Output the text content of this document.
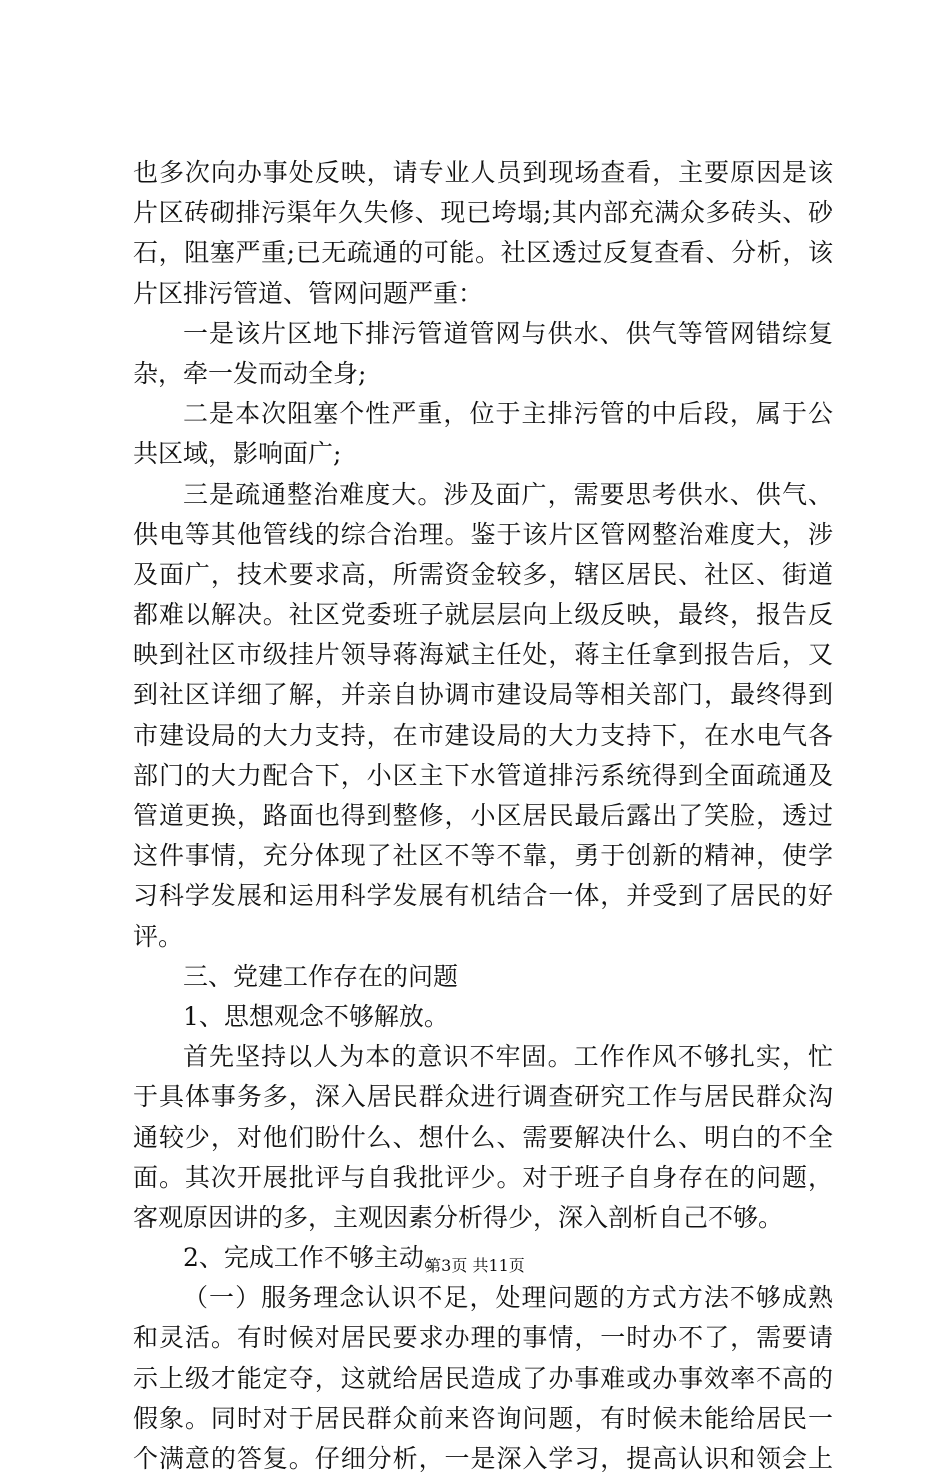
也多次向办事处反映，请专业人员到现场查看，主要原因是该
片区砖砌排污渠年久失修、现已垮塌;其内部充满众多砖头、砂
石，阻塞严重;已无疏通的可能。社区透过反复查看、分析，该
片区排污管道、管网问题严重：
一是该片区地下排污管道管网与供水、供气等管网错综复
杂，牵一发而动全身;
二是本次阻塞个性严重，位于主排污管的中后段，属于公
共区域，影响面广;
三是疏通整治难度大。涉及面广，需要思考供水、供气、
供电等其他管线的综合治理。鉴于该片区管网整治难度大，涉
及面广，技术要求高，所需资金较多，辖区居民、社区、街道
都难以解决。社区党委班子就层层向上级反映，最终，报告反
映到社区市级挂片领导蒋海斌主任处，蒋主任拿到报告后，又
到社区详细了解，并亲自协调市建设局等相关部门，最终得到
市建设局的大力支持，在市建设局的大力支持下，在水电气各
部门的大力配合下，小区主下水管道排污系统得到全面疏通及
管道更换，路面也得到整修，小区居民最后露出了笑脸，透过
这件事情，充分体现了社区不等不靠，勇于创新的精神，使学
习科学发展和运用科学发展有机结合一体，并受到了居民的好
评。
三、党建工作存在的问题
1、思想观念不够解放。
首先坚持以人为本的意识不牢固。工作作风不够扎实，忙
于具体事务多，深入居民群众进行调查研究工作与居民群众沟
通较少，对他们盼什么、想什么、需要解决什么、明白的不全
面。其次开展批评与自我批评少。对于班子自身存在的问题，
客观原因讲的多，主观因素分析得少，深入剖析自己不够。
2、完成工作不够主动。
（一）服务理念认识不足，处理问题的方式方法不够成熟
和灵活。有时候对居民要求办理的事情，一时办不了，需要请
示上级才能定夺，这就给居民造成了办事难或办事效率不高的
假象。同时对于居民群众前来咨询问题，有时候未能给居民一
个满意的答复。仔细分析，一是深入学习，提高认识和领会上
第3页 共11页
